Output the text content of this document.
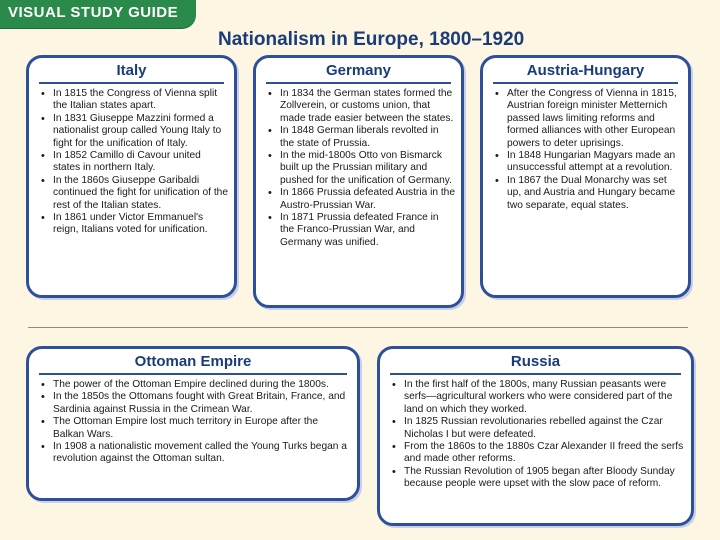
VISUAL STUDY GUIDE
Nationalism in Europe, 1800–1920
Italy
• In 1815 the Congress of Vienna split the Italian states apart.
• In 1831 Giuseppe Mazzini formed a nationalist group called Young Italy to fight for the unification of Italy.
• In 1852 Camillo di Cavour united states in northern Italy.
• In the 1860s Giuseppe Garibaldi continued the fight for unification of the rest of the Italian states.
• In 1861 under Victor Emmanuel's reign, Italians voted for unification.
Germany
• In 1834 the German states formed the Zollverein, or customs union, that made trade easier between the states.
• In 1848 German liberals revolted in the state of Prussia.
• In the mid-1800s Otto von Bismarck built up the Prussian military and pushed for the unification of Germany.
• In 1866 Prussia defeated Austria in the Austro-Prussian War.
• In 1871 Prussia defeated France in the Franco-Prussian War, and Germany was unified.
Austria-Hungary
• After the Congress of Vienna in 1815, Austrian foreign minister Metternich passed laws limiting reforms and formed alliances with other European powers to deter uprisings.
• In 1848 Hungarian Magyars made an unsuccessful attempt at a revolution.
• In 1867 the Dual Monarchy was set up, and Austria and Hungary became two separate, equal states.
Ottoman Empire
• The power of the Ottoman Empire declined during the 1800s.
• In the 1850s the Ottomans fought with Great Britain, France, and Sardinia against Russia in the Crimean War.
• The Ottoman Empire lost much territory in Europe after the Balkan Wars.
• In 1908 a nationalistic movement called the Young Turks began a revolution against the Ottoman sultan.
Russia
• In the first half of the 1800s, many Russian peasants were serfs—agricultural workers who were considered part of the land on which they worked.
• In 1825 Russian revolutionaries rebelled against the Czar Nicholas I but were defeated.
• From the 1860s to the 1880s Czar Alexander II freed the serfs and made other reforms.
• The Russian Revolution of 1905 began after Bloody Sunday because people were upset with the slow pace of reform.
